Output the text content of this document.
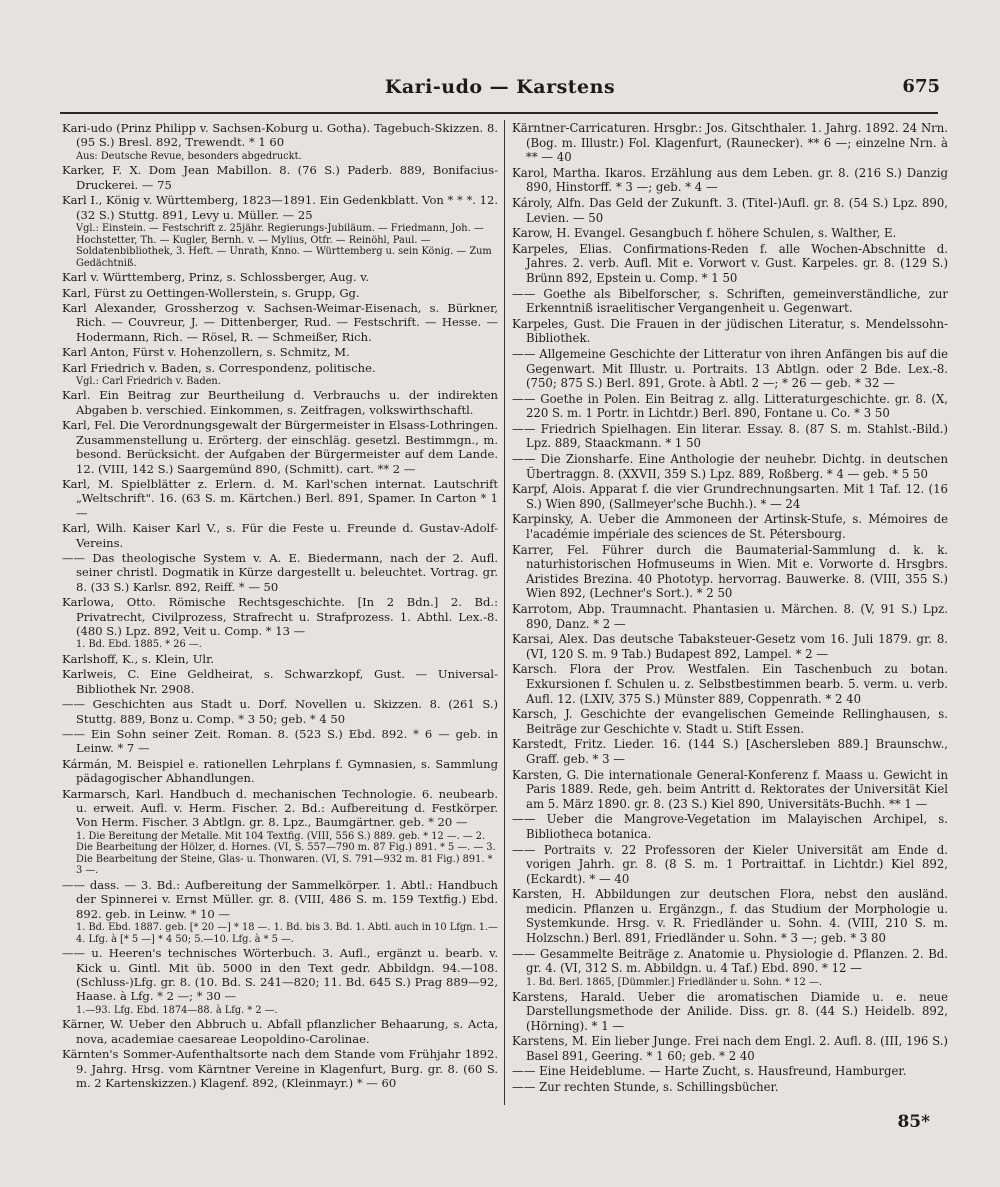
Kari-udo — Karstens	675

Kari-udo (Prinz Philipp v. Sachsen-Koburg u. Gotha). Tagebuch-Skizzen. 8. (95 S.) Bresl. 892, Trewendt. * 1 60

Aus: Deutsche Revue, besonders abgedruckt.

Karker, F. X. Dom Jean Mabillon. 8. (76 S.) Paderb. 889, Bonifacius-Druckerei. — 75

Karl I., König v. Württemberg, 1823—1891. Ein Gedenkblatt. Von * * *. 12. (32 S.) Stuttg. 891, Levy u. Müller. — 25

Vgl.: Einstein. — Festschrift z. 25jähr. Regierungs-Jubiläum. — Friedmann, Joh. — Hochstetter, Th. — Kugler, Bernh. v. — Mylius, Otfr. — Reinöhl, Paul. — Soldatenbibliothek, 3. Heft. — Unrath, Knno. — Württemberg u. sein König. — Zum Gedächtniß.

Karl v. Württemberg, Prinz, s. Schlossberger, Aug. v.

Karl, Fürst zu Oettingen-Wollerstein, s. Grupp, Gg.

Karl Alexander, Grossherzog v. Sachsen-Weimar-Eisenach, s. Bürkner, Rich. — Couvreur, J. — Dittenberger, Rud. — Festschrift. — Hesse. — Hodermann, Rich. — Rösel, R. — Schmeißer, Rich.

Karl Anton, Fürst v. Hohenzollern, s. Schmitz, M.

Karl Friedrich v. Baden, s. Correspondenz, politische.

Vgl.: Carl Friedrich v. Baden.

Karl. Ein Beitrag zur Beurtheilung d. Verbrauchs u. der indirekten Abgaben b. verschied. Einkommen, s. Zeitfragen, volkswirthschaftl.

Karl, Fel. Die Verordnungsgewalt der Bürgermeister in Elsass-Lothringen. Zusammenstellung u. Erörterg. der einschläg. gesetzl. Bestimmgn., m. besond. Berücksicht. der Aufgaben der Bürgermeister auf dem Lande. 12. (VIII, 142 S.) Saargemünd 890, (Schmitt). cart. ** 2 —

Karl, M. Spielblätter z. Erlern. d. M. Karl'schen internat. Lautschrift „Weltschrift". 16. (63 S. m. Kärtchen.) Berl. 891, Spamer. In Carton * 1 —

Karl, Wilh. Kaiser Karl V., s. Für die Feste u. Freunde d. Gustav-Adolf-Vereins.

—— Das theologische System v. A. E. Biedermann, nach der 2. Aufl. seiner christl. Dogmatik in Kürze dargestellt u. beleuchtet. Vortrag. gr. 8. (33 S.) Karlsr. 892, Reiff. * — 50

Karlowa, Otto. Römische Rechtsgeschichte. [In 2 Bdn.] 2. Bd.: Privatrecht, Civilprozess, Strafrecht u. Strafprozess. 1. Abthl. Lex.-8. (480 S.) Lpz. 892, Veit u. Comp. * 13 —

1. Bd. Ebd. 1885. * 26 —.

Karlshoff, K., s. Klein, Ulr.

Karlweis, C. Eine Geldheirat, s. Schwarzkopf, Gust. — Universal-Bibliothek Nr. 2908.

—— Geschichten aus Stadt u. Dorf. Novellen u. Skizzen. 8. (261 S.) Stuttg. 889, Bonz u. Comp. * 3 50; geb. * 4 50

—— Ein Sohn seiner Zeit. Roman. 8. (523 S.) Ebd. 892. * 6 — geb. in Leinw. * 7 —

Kármán, M. Beispiel e. rationellen Lehrplans f. Gymnasien, s. Sammlung pädagogischer Abhandlungen.

Karmarsch, Karl. Handbuch d. mechanischen Technologie. 6. neubearb. u. erweit. Aufl. v. Herm. Fischer. 2. Bd.: Aufbereitung d. Festkörper. Von Herm. Fischer. 3 Abtlgn. gr. 8. Lpz., Baumgärtner. geb. * 20 —

1. Die Bereitung der Metalle. Mit 104 Textfig. (VIII, 556 S.) 889. geb. * 12 —. — 2. Die Bearbeitung der Hölzer, d. Hornes. (VI, S. 557—790 m. 87 Fig.) 891. * 5 —. — 3. Die Bearbeitung der Steine, Glas- u. Thonwaren. (VI, S. 791—932 m. 81 Fig.) 891. * 3 —.

—— dass. — 3. Bd.: Aufbereitung der Sammelkörper. 1. Abtl.: Handbuch der Spinnerei v. Ernst Müller. gr. 8. (VIII, 486 S. m. 159 Textfig.) Ebd. 892. geb. in Leinw. * 10 —

1. Bd. Ebd. 1887. geb. [* 20 —] * 18 —. 1. Bd. bis 3. Bd. 1. Abtl. auch in 10 Lfgn. 1.—4. Lfg. à [* 5 —] * 4 50; 5.—10. Lfg. à * 5 —.

—— u. Heeren's technisches Wörterbuch. 3. Aufl., ergänzt u. bearb. v. Kick u. Gintl. Mit üb. 5000 in den Text gedr. Abbildgn. 94.—108. (Schluss-)Lfg. gr. 8. (10. Bd. S. 241—820; 11. Bd. 645 S.) Prag 889—92, Haase. à Lfg. * 2 —; * 30 —

1.—93. Lfg. Ebd. 1874—88. à Lfg. * 2 —.

Kärner, W. Ueber den Abbruch u. Abfall pflanzlicher Behaarung, s. Acta, nova, academiae caesareae Leopoldino-Carolinae.

Kärnten's Sommer-Aufenthaltsorte nach dem Stande vom Frühjahr 1892. 9. Jahrg. Hrsg. vom Kärntner Vereine in Klagenfurt, Burg. gr. 8. (60 S. m. 2 Kartenskizzen.) Klagenf. 892, (Kleinmayr.) * — 60

Kärntner-Carricaturen. Hrsgbr.: Jos. Gitschthaler. 1. Jahrg. 1892. 24 Nrn. (Bog. m. Illustr.) Fol. Klagenfurt, (Raunecker). ** 6 —; einzelne Nrn. à ** — 40

Karol, Martha. Ikaros. Erzählung aus dem Leben. gr. 8. (216 S.) Danzig 890, Hinstorff. * 3 —; geb. * 4 —

Károly, Alfn. Das Geld der Zukunft. 3. (Titel-)Aufl. gr. 8. (54 S.) Lpz. 890, Levien. — 50

Karow, H. Evangel. Gesangbuch f. höhere Schulen, s. Walther, E.

Karpeles, Elias. Confirmations-Reden f. alle Wochen-Abschnitte d. Jahres. 2. verb. Aufl. Mit e. Vorwort v. Gust. Karpeles. gr. 8. (129 S.) Brünn 892, Epstein u. Comp. * 1 50

—— Goethe als Bibelforscher, s. Schriften, gemeinverständliche, zur Erkenntniß israelitischer Vergangenheit u. Gegenwart.

Karpeles, Gust. Die Frauen in der jüdischen Literatur, s. Mendelssohn-Bibliothek.

—— Allgemeine Geschichte der Litteratur von ihren Anfängen bis auf die Gegenwart. Mit Illustr. u. Portraits. 13 Abtlgn. oder 2 Bde. Lex.-8. (750; 875 S.) Berl. 891, Grote. à Abtl. 2 —; * 26 — geb. * 32 —

—— Goethe in Polen. Ein Beitrag z. allg. Litteraturgeschichte. gr. 8. (X, 220 S. m. 1 Portr. in Lichtdr.) Berl. 890, Fontane u. Co. * 3 50

—— Friedrich Spielhagen. Ein literar. Essay. 8. (87 S. m. Stahlst.-Bild.) Lpz. 889, Staackmann. * 1 50

—— Die Zionsharfe. Eine Anthologie der neuhebr. Dichtg. in deutschen Übertraggn. 8. (XXVII, 359 S.) Lpz. 889, Roßberg. * 4 — geb. * 5 50

Karpf, Alois. Apparat f. die vier Grundrechnungsarten. Mit 1 Taf. 12. (16 S.) Wien 890, (Sallmeyer'sche Buchh.). * — 24

Karpinsky, A. Ueber die Ammoneen der Artinsk-Stufe, s. Mémoires de l'académie impériale des sciences de St. Pétersbourg.

Karrer, Fel. Führer durch die Baumaterial-Sammlung d. k. k. naturhistorischen Hofmuseums in Wien. Mit e. Vorworte d. Hrsgbrs. Aristides Brezina. 40 Phototyp. hervorrag. Bauwerke. 8. (VIII, 355 S.) Wien 892, (Lechner's Sort.). * 2 50

Karrotom, Abp. Traumnacht. Phantasien u. Märchen. 8. (V, 91 S.) Lpz. 890, Danz. * 2 —

Karsai, Alex. Das deutsche Tabaksteuer-Gesetz vom 16. Juli 1879. gr. 8. (VI, 120 S. m. 9 Tab.) Budapest 892, Lampel. * 2 —

Karsch. Flora der Prov. Westfalen. Ein Taschenbuch zu botan. Exkursionen f. Schulen u. z. Selbstbestimmen bearb. 5. verm. u. verb. Aufl. 12. (LXIV, 375 S.) Münster 889, Coppenrath. * 2 40

Karsch, J. Geschichte der evangelischen Gemeinde Rellinghausen, s. Beiträge zur Geschichte v. Stadt u. Stift Essen.

Karstedt, Fritz. Lieder. 16. (144 S.) [Aschersleben 889.] Braunschw., Graff. geb. * 3 —

Karsten, G. Die internationale General-Konferenz f. Maass u. Gewicht in Paris 1889. Rede, geh. beim Antritt d. Rektorates der Universität Kiel am 5. März 1890. gr. 8. (23 S.) Kiel 890, Universitäts-Buchh. ** 1 —

—— Ueber die Mangrove-Vegetation im Malayischen Archipel, s. Bibliotheca botanica.

—— Portraits v. 22 Professoren der Kieler Universität am Ende d. vorigen Jahrh. gr. 8. (8 S. m. 1 Portraittaf. in Lichtdr.) Kiel 892, (Eckardt). * — 40

Karsten, H. Abbildungen zur deutschen Flora, nebst den ausländ. medicin. Pflanzen u. Ergänzgn., f. das Studium der Morphologie u. Systemkunde. Hrsg. v. R. Friedländer u. Sohn. 4. (VIII, 210 S. m. Holzschn.) Berl. 891, Friedländer u. Sohn. * 3 —; geb. * 3 80

—— Gesammelte Beiträge z. Anatomie u. Physiologie d. Pflanzen. 2. Bd. gr. 4. (VI, 312 S. m. Abbildgn. u. 4 Taf.) Ebd. 890. * 12 —

1. Bd. Berl. 1865, [Dümmler.] Friedländer u. Sohn. * 12 —.

Karstens, Harald. Ueber die aromatischen Diamide u. e. neue Darstellungsmethode der Anilide. Diss. gr. 8. (44 S.) Heidelb. 892, (Hörning). * 1 —

Karstens, M. Ein lieber Junge. Frei nach dem Engl. 2. Aufl. 8. (III, 196 S.) Basel 891, Geering. * 1 60; geb. * 2 40

—— Eine Heideblume. — Harte Zucht, s. Hausfreund, Hamburger.

—— Zur rechten Stunde, s. Schillingsbücher.

85*
